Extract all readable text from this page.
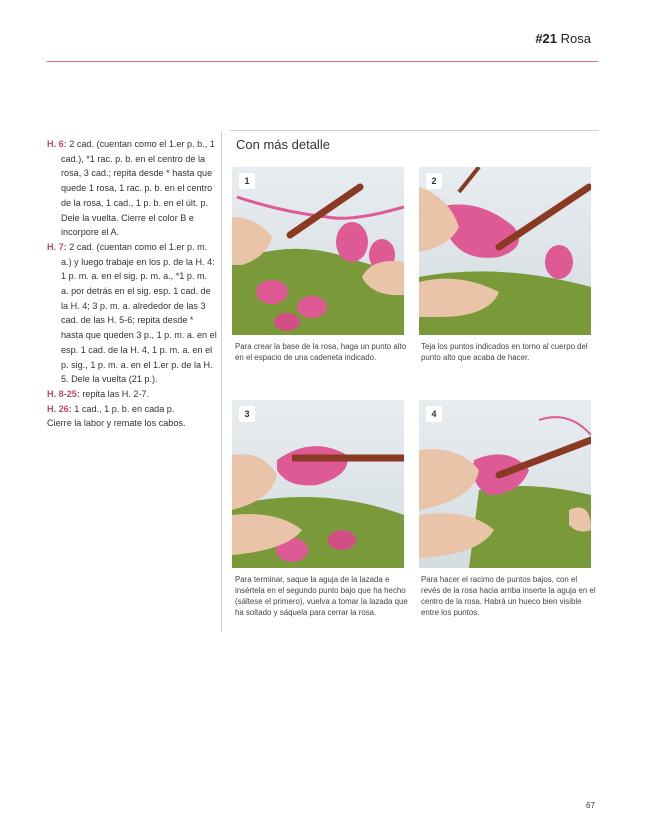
#21 Rosa

H. 6: 2 cad. (cuentan como el 1.er p. b., 1 cad.), *1 rac. p. b. en el centro de la rosa, 3 cad.; repita desde * hasta que quede 1 rosa, 1 rac. p. b. en el centro de la rosa, 1 cad., 1 p. b. en el últ. p. Dele la vuelta. Cierre el color B e incorpore el A.

H. 7: 2 cad. (cuentan como el 1.er p. m. a.) y luego trabaje en los p. de la H. 4: 1 p. m. a. en el sig. p. m. a., *1 p. m. a. por detrás en el sig. esp. 1 cad. de la H. 4; 3 p. m. a. alrededor de las 3 cad. de las H. 5-6; repita desde * hasta que queden 3 p., 1 p. m. a. en el esp. 1 cad. de la H. 4, 1 p. m. a. en el p. sig., 1 p. m. a. en el 1.er p. de la H. 5. Dele la vuelta (21 p.).

H. 8-25: repita las H. 2-7.

H. 26: 1 cad., 1 p. b. en cada p.

Cierre la labor y remate los cabos.

Con más detalle
1
Para crear la base de la rosa, haga un punto alto en el espacio de una cadeneta indicado.
2
Teja los puntos indicados en torno al cuerpo del punto alto que acaba de hacer.
3
Para terminar, saque la aguja de la lazada e insértela en el segundo punto bajo que ha hecho (sáltese el primero), vuelva a tomar la lazada que ha soltado y sáquela para cerrar la rosa.
4
Para hacer el racimo de puntos bajos, con el revés de la rosa hacia arriba inserte la aguja en el centro de la rosa. Habrá un hueco bien visible entre los puntos.
67
